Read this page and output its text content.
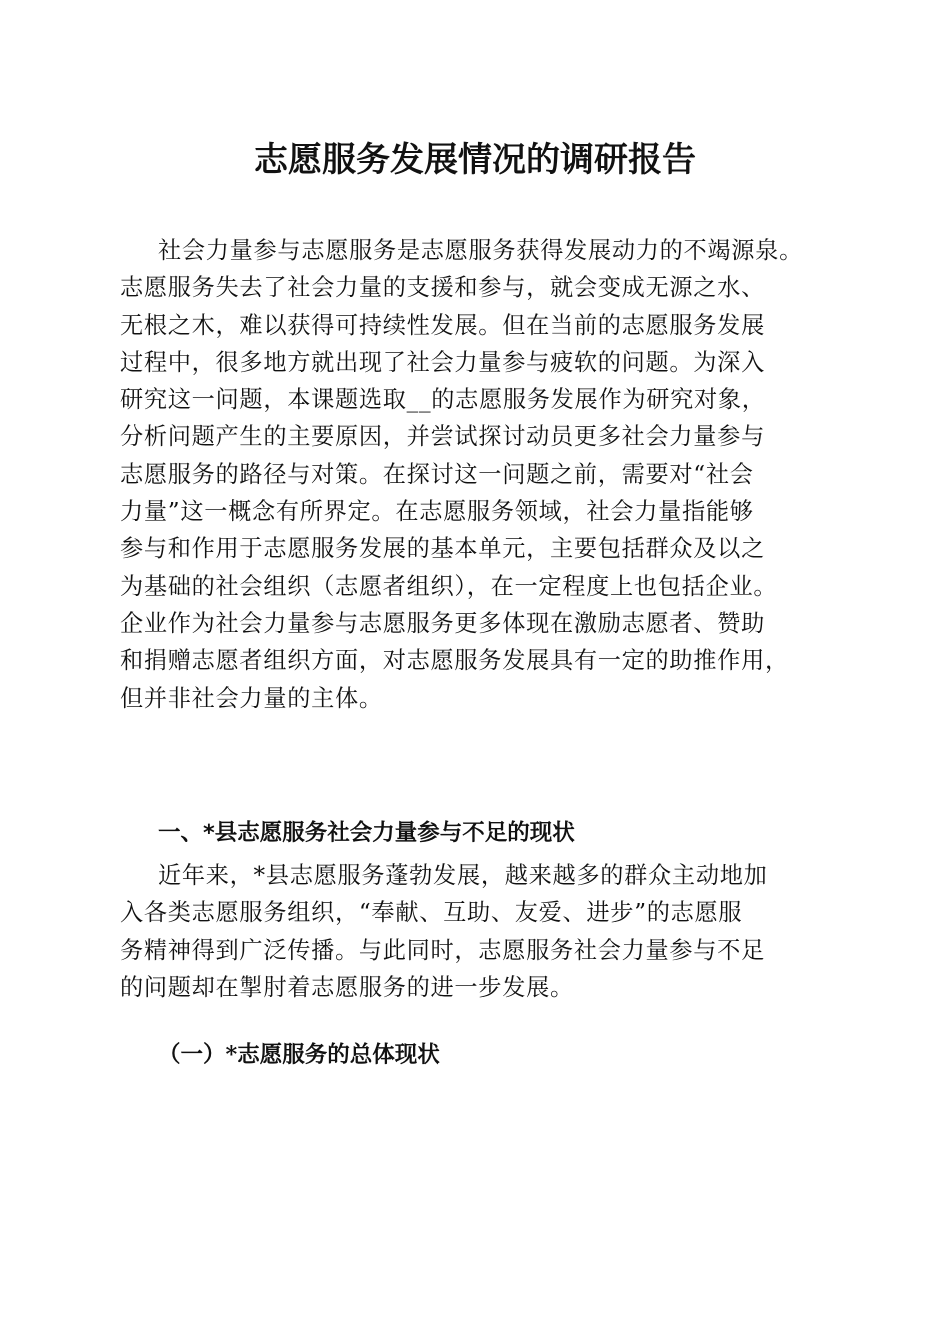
志愿服务发展情况的调研报告

社会力量参与志愿服务是志愿服务获得发展动力的不竭源泉。
志愿服务失去了社会力量的支援和参与，就会变成无源之水、
无根之木，难以获得可持续性发展。但在当前的志愿服务发展
过程中，很多地方就出现了社会力量参与疲软的问题。为深入
研究这一问题，本课题选取__的志愿服务发展作为研究对象，
分析问题产生的主要原因，并尝试探讨动员更多社会力量参与
志愿服务的路径与对策。在探讨这一问题之前，需要对“社会
力量”这一概念有所界定。在志愿服务领域，社会力量指能够
参与和作用于志愿服务发展的基本单元，主要包括群众及以之
为基础的社会组织（志愿者组织），在一定程度上也包括企业。
企业作为社会力量参与志愿服务更多体现在激励志愿者、赞助
和捐赠志愿者组织方面，对志愿服务发展具有一定的助推作用，
但并非社会力量的主体。

一、*县志愿服务社会力量参与不足的现状

近年来，*县志愿服务蓬勃发展，越来越多的群众主动地加
入各类志愿服务组织，“奉献、互助、友爱、进步”的志愿服
务精神得到广泛传播。与此同时，志愿服务社会力量参与不足
的问题却在掣肘着志愿服务的进一步发展。

（一）*志愿服务的总体现状
